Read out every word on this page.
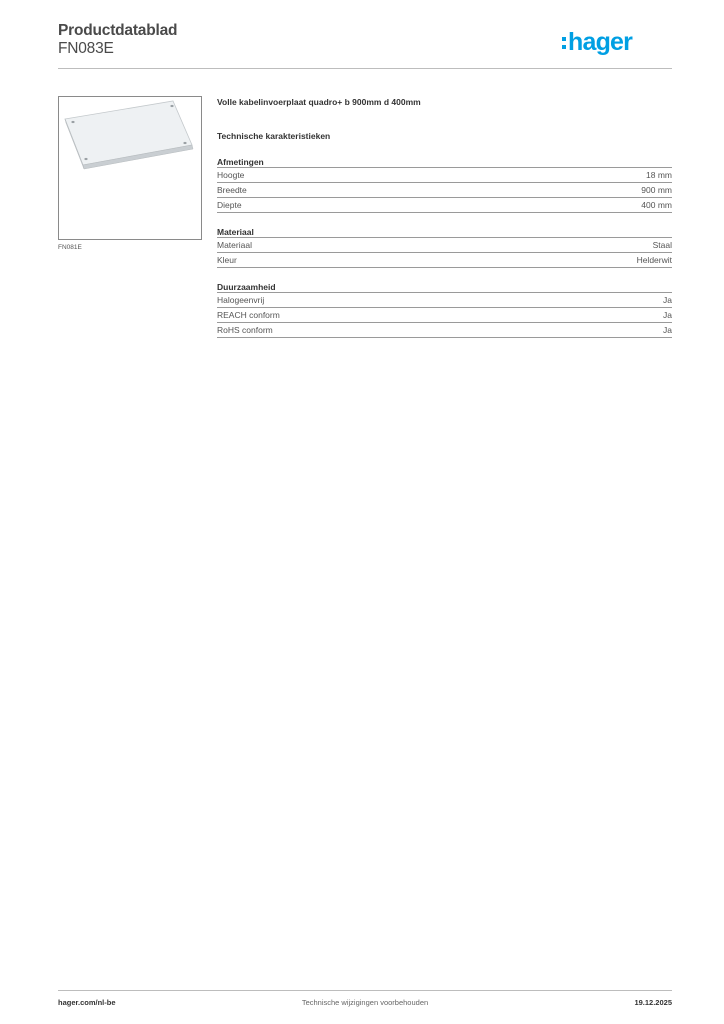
Productdatablad
FN083E	hager
FN081E
Volle kabelinvoerplaat quadro+ b 900mm d 400mm
Technische karakteristieken
Afmetingen
Hoogte	18 mm
Breedte	900 mm
Diepte	400 mm
Materiaal
Materiaal	Staal
Kleur	Helderwit
Duurzaamheid
Halogeenvrij	Ja
REACH conform	Ja
RoHS conform	Ja
hager.com/nl-be	Technische wijzigingen voorbehouden	19.12.2025
